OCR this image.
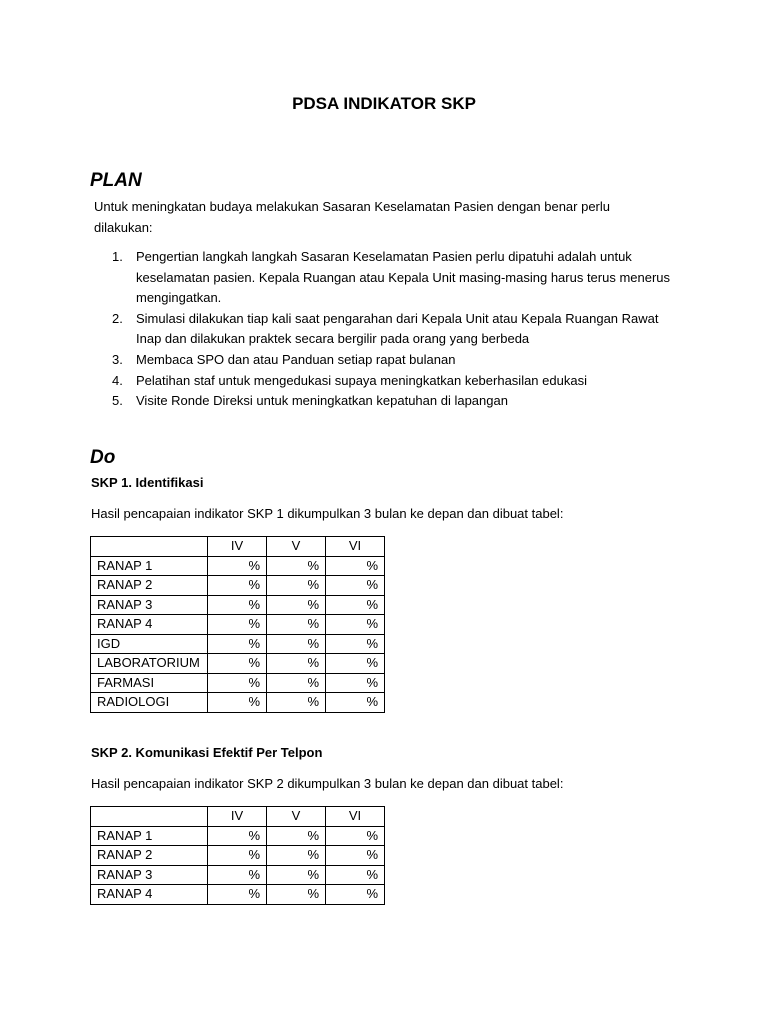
PDSA INDIKATOR SKP
PLAN
Untuk meningkatan budaya melakukan Sasaran Keselamatan Pasien dengan benar perlu dilakukan:
1. Pengertian langkah langkah Sasaran Keselamatan Pasien perlu dipatuhi adalah untuk keselamatan pasien. Kepala Ruangan atau Kepala Unit masing-masing harus terus menerus mengingatkan.
2. Simulasi dilakukan tiap kali saat pengarahan dari Kepala Unit atau Kepala Ruangan Rawat Inap dan dilakukan praktek secara bergilir pada orang yang berbeda
3. Membaca SPO dan atau Panduan setiap rapat bulanan
4. Pelatihan staf untuk mengedukasi supaya meningkatkan keberhasilan edukasi
5. Visite Ronde Direksi untuk meningkatkan kepatuhan di lapangan
Do
SKP 1. Identifikasi
Hasil pencapaian indikator SKP 1 dikumpulkan 3 bulan ke depan dan dibuat tabel:
	IV	V	VI
RANAP 1	%	%	%
RANAP 2	%	%	%
RANAP 3	%	%	%
RANAP 4	%	%	%
IGD	%	%	%
LABORATORIUM	%	%	%
FARMASI	%	%	%
RADIOLOGI	%	%	%
SKP 2. Komunikasi Efektif Per Telpon
Hasil pencapaian indikator SKP 2 dikumpulkan 3 bulan ke depan dan dibuat tabel:
	IV	V	VI
RANAP 1	%	%	%
RANAP 2	%	%	%
RANAP 3	%	%	%
RANAP 4	%	%	%
